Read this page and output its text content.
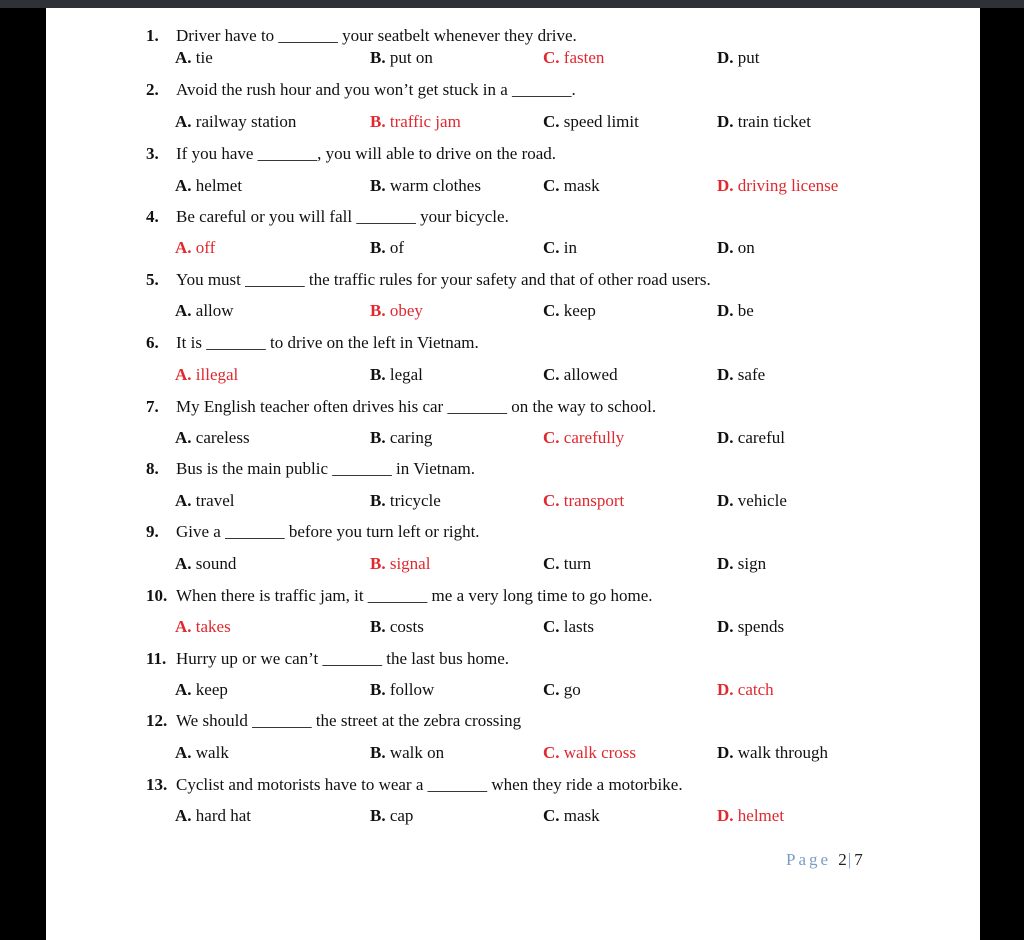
1. Driver have to _______ your seatbelt whenever they drive.
A. tie	B. put on	C. fasten	D. put
2. Avoid the rush hour and you won’t get stuck in a _______.
A. railway station	B. traffic jam	C. speed limit	D. train ticket
3. If you have _______, you will able to drive on the road.
A. helmet	B. warm clothes	C. mask	D. driving license
4. Be careful or you will fall _______ your bicycle.
A. off	B. of	C. in	D. on
5. You must _______ the traffic rules for your safety and that of other road users.
A. allow	B. obey	C. keep	D. be
6. It is _______ to drive on the left in Vietnam.
A. illegal	B. legal	C. allowed	D. safe
7. My English teacher often drives his car _______ on the way to school.
A. careless	B. caring	C. carefully	D. careful
8. Bus is the main public _______ in Vietnam.
A. travel	B. tricycle	C. transport	D. vehicle
9. Give a _______ before you turn left or right.
A. sound	B. signal	C. turn	D. sign
10. When there is traffic jam, it _______ me a very long time to go home.
A. takes	B. costs	C. lasts	D. spends
11. Hurry up or we can’t _______ the last bus home.
A. keep	B. follow	C. go	D. catch
12. We should _______ the street at the zebra crossing
A. walk	B. walk on	C. walk cross	D. walk through
13. Cyclist and motorists have to wear a _______ when they ride a motorbike.
A. hard hat	B. cap	C. mask	D. helmet
Page 2|7
